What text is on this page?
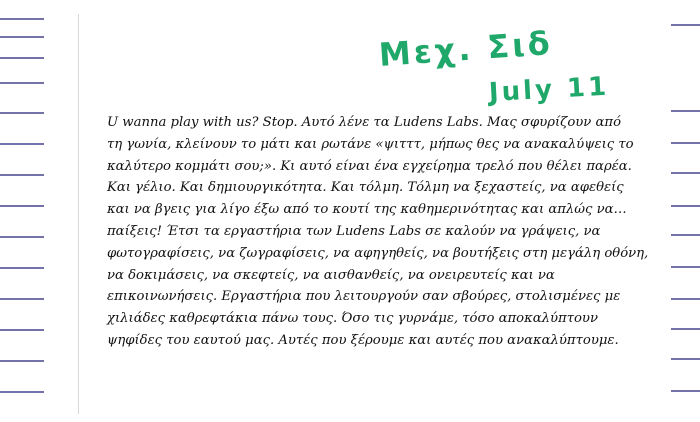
Μεχ. Σιδ
July 11
U wanna play with us? Stop. Αυτό λένε τα Ludens Labs. Μας σφυρίζουν από
τη γωνία, κλείνουν το μάτι και ρωτάνε «ψιτττ, μήπως θες να ανακαλύψεις το
καλύτερο κομμάτι σου;». Κι αυτό είναι ένα εγχείρημα τρελό που θέλει παρέα.
Και γέλιο. Και δημιουργικότητα. Και τόλμη. Τόλμη να ξεχαστείς, να αφεθείς
και να βγεις για λίγο έξω από το κουτί της καθημερινότητας και απλώς να…
παίξεις! Έτσι τα εργαστήρια των Ludens Labs σε καλούν να γράψεις, να
φωτογραφίσεις, να ζωγραφίσεις, να αφηγηθείς, να βουτήξεις στη μεγάλη οθόνη,
να δοκιμάσεις, να σκεφτείς, να αισθανθείς, να ονειρευτείς και να
επικοινωνήσεις. Εργαστήρια που λειτουργούν σαν σβούρες, στολισμένες με
χιλιάδες καθρεφτάκια πάνω τους. Όσο τις γυρνάμε, τόσο αποκαλύπτουν
ψηφίδες του εαυτού μας. Αυτές που ξέρουμε και αυτές που ανακαλύπτουμε.
